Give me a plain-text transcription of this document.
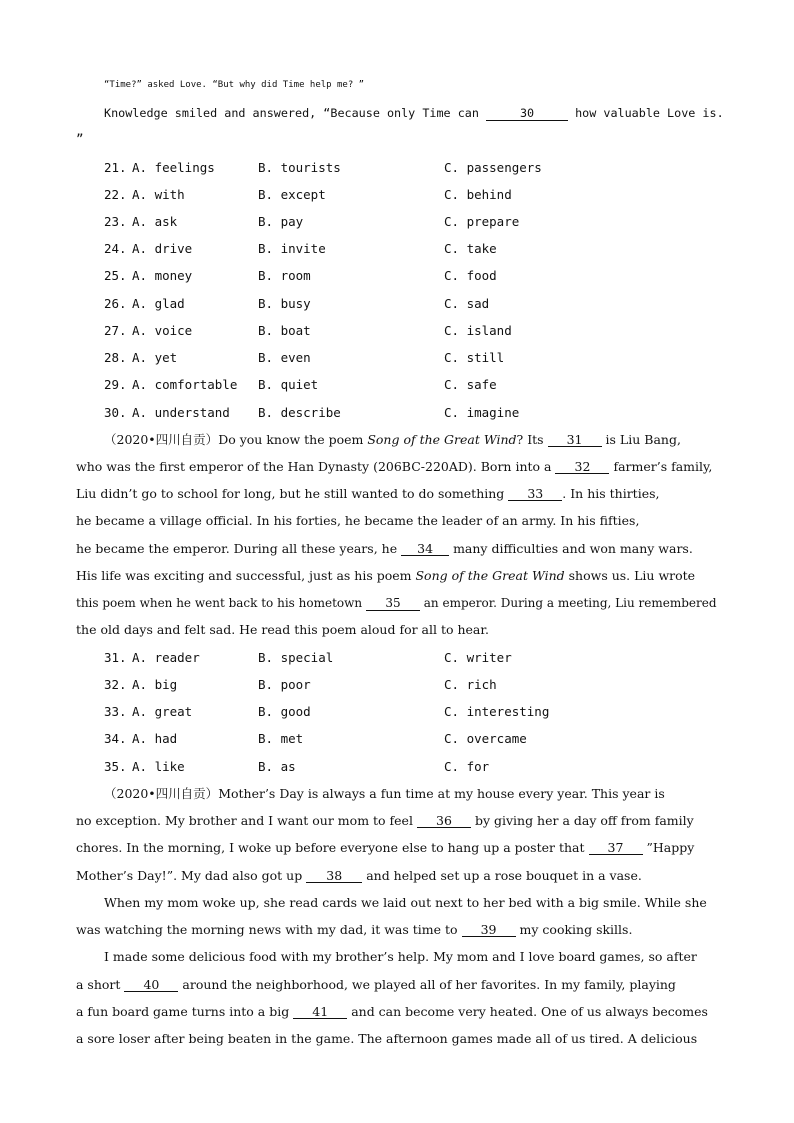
“Time?” asked Love. “But why did Time help me? ”
Knowledge smiled and answered, “Because only Time can	30	how valuable Love is.
”
21. A. feelings	B. tourists	C. passengers
22. A. with	B. except	C. behind
23. A. ask	B. pay	C. prepare
24. A. drive	B. invite	C. take
25. A. money	B. room	C. food
26. A. glad	B. busy	C. sad
27. A. voice	B. boat	C. island
28. A. yet	B. even	C. still
29. A. comfortable B. quiet	C. safe
30. A. understand B. describe	C. imagine
（2020•四川自贡）Do you know the poem Song of the Great Wind? Its 31 is Liu Bang,
who was the first emperor of the Han Dynasty (206BC-220AD). Born into a 32 farmer’s family,
Liu didn’t go to school for long, but he still wanted to do something 33 . In his thirties,
he became a village official. In his forties, he became the leader of an army. In his fifties,
he became the emperor. During all these years, he 34 many difficulties and won many wars.
His life was exciting and successful, just as his poem Song of the Great Wind shows us. Liu wrote
this poem when he went back to his hometown 35 an emperor. During a meeting, Liu remembered
the old days and felt sad. He read this poem aloud for all to hear.
31. A. reader	B. special	C. writer
32. A. big	B. poor	C. rich
33. A. great	B. good	C. interesting
34. A. had	B. met	C. overcame
35. A. like	B. as	C. for
（2020•四川自贡）Mother’s Day is always a fun time at my house every year. This year is
no exception. My brother and I want our mom to feel 36 by giving her a day off from family
chores. In the morning, I woke up before everyone else to hang up a poster that 37 ”Happy
Mother’s Day!”. My dad also got up 38 and helped set up a rose bouquet in a vase.
When my mom woke up, she read cards we laid out next to her bed with a big smile. While she
was watching the morning news with my dad, it was time to 39 my cooking skills.
I made some delicious food with my brother’s help. My mom and I love board games, so after
a short 40 around the neighborhood, we played all of her favorites. In my family, playing
a fun board game turns into a big 41 and can become very heated. One of us always becomes
a sore loser after being beaten in the game. The afternoon games made all of us tired. A delicious
